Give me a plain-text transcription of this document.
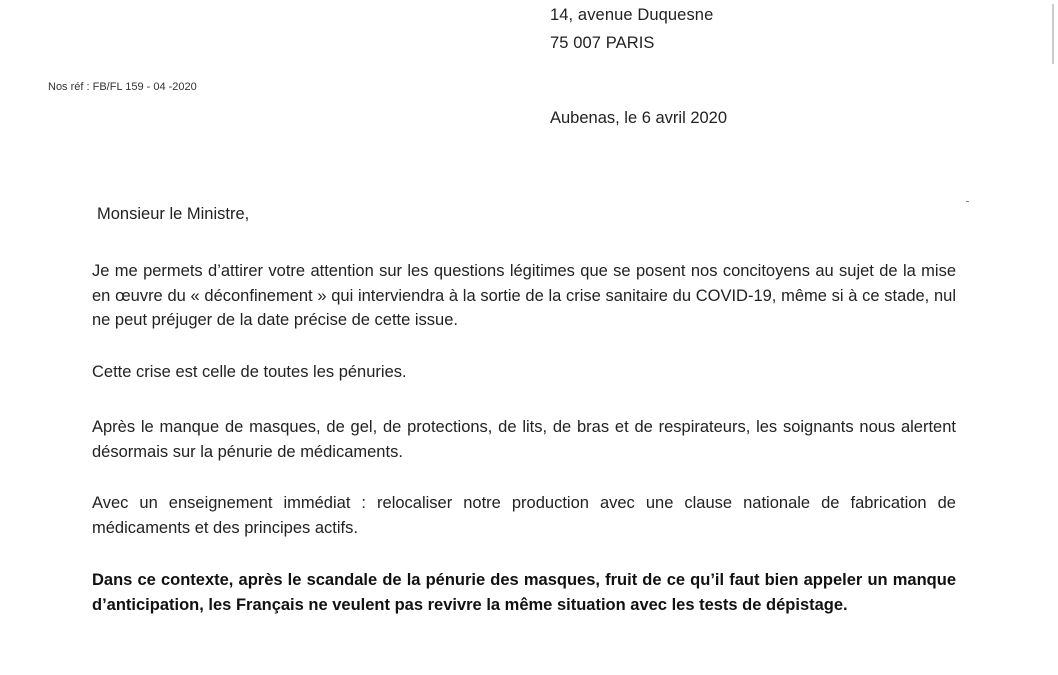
14, avenue Duquesne
75 007 PARIS
Nos réf : FB/FL 159 - 04 -2020
Aubenas, le 6 avril 2020
Monsieur le Ministre,
Je me permets d’attirer votre attention sur les questions légitimes que se posent nos concitoyens au sujet de la mise en œuvre du « déconfinement » qui interviendra à la sortie de la crise sanitaire du COVID-19, même si à ce stade, nul ne peut préjuger de la date précise de cette issue.
Cette crise est celle de toutes les pénuries.
Après le manque de masques, de gel, de protections, de lits, de bras et de respirateurs, les soignants nous alertent désormais sur la pénurie de médicaments.
Avec un enseignement immédiat : relocaliser notre production avec une clause nationale de fabrication de médicaments et des principes actifs.
Dans ce contexte, après le scandale de la pénurie des masques, fruit de ce qu’il faut bien appeler un manque d’anticipation, les Français ne veulent pas revivre la même situation avec les tests de dépistage.
